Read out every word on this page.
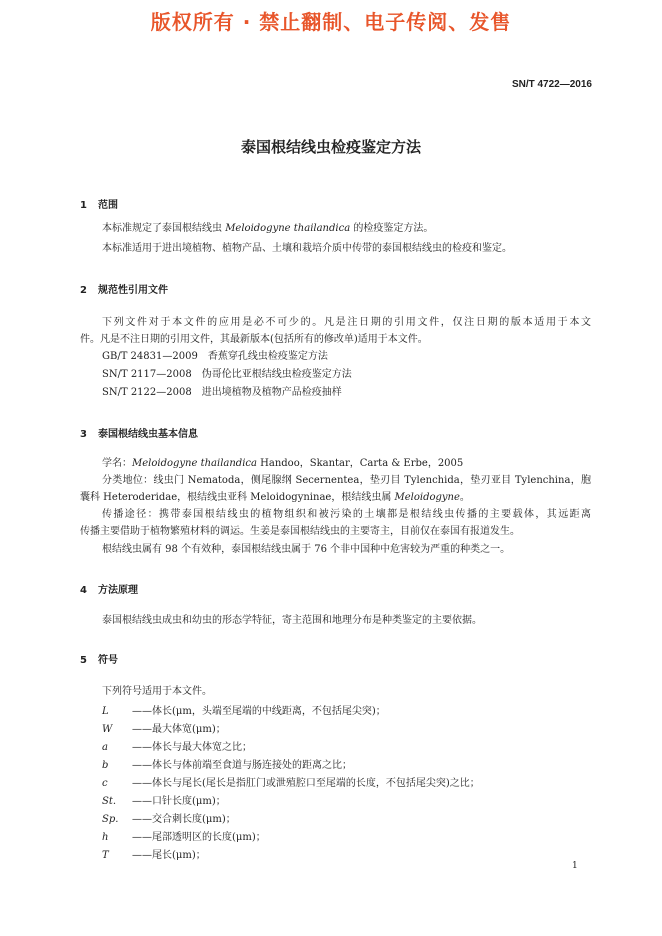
版权所有 · 禁止翻制、电子传阅、发售
SN/T 4722—2016
泰国根结线虫检疫鉴定方法
1 范围
本标准规定了泰国根结线虫 Meloidogyne thailandica 的检疫鉴定方法。
本标准适用于进出境植物、植物产品、土壤和栽培介质中传带的泰国根结线虫的检疫和鉴定。
2 规范性引用文件
下列文件对于本文件的应用是必不可少的。凡是注日期的引用文件，仅注日期的版本适用于本文
件。凡是不注日期的引用文件，其最新版本(包括所有的修改单)适用于本文件。
GB/T 24831—2009　香蕉穿孔线虫检疫鉴定方法
SN/T 2117—2008　伪哥伦比亚根结线虫检疫鉴定方法
SN/T 2122—2008　进出境植物及植物产品检疫抽样
3 泰国根结线虫基本信息
学名：Meloidogyne thailandica Handoo，Skantar，Carta & Erbe，2005
分类地位：线虫门 Nematoda，侧尾腺纲 Secernentea，垫刃目 Tylenchida，垫刃亚目 Tylenchina，胞
囊科 Heteroderidae，根结线虫亚科 Meloidogyninae，根结线虫属 Meloidogyne。
传播途径：携带泰国根结线虫的植物组织和被污染的土壤都是根结线虫传播的主要载体，其远距离
传播主要借助于植物繁殖材料的调运。生姜是泰国根结线虫的主要寄主，目前仅在泰国有报道发生。
根结线虫属有 98 个有效种，泰国根结线虫属于 76 个非中国种中危害较为严重的种类之一。
4 方法原理
泰国根结线虫成虫和幼虫的形态学特征，寄主范围和地理分布是种类鉴定的主要依据。
5 符号
下列符号适用于本文件。
L ——体长(μm，头端至尾端的中线距离，不包括尾尖突)；
W ——最大体宽(μm)；
a ——体长与最大体宽之比；
b ——体长与体前端至食道与肠连接处的距离之比；
c ——体长与尾长(尾长是指肛门或泄殖腔口至尾端的长度，不包括尾尖突)之比；
St. ——口针长度(μm)；
Sp. ——交合刺长度(μm)；
h ——尾部透明区的长度(μm)；
T ——尾长(μm)；
1
